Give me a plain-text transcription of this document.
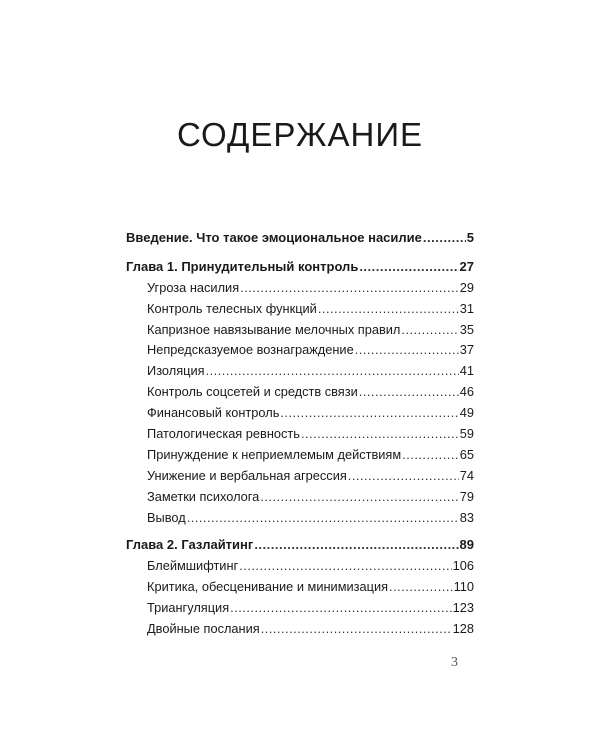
СОДЕРЖАНИЕ
Введение. Что такое эмоциональное насилие .....	5
Глава 1. Принудительный контроль .....	27
Угроза насилия .....	29
Контроль телесных функций .....	31
Капризное навязывание мелочных правил .....	35
Непредсказуемое вознаграждение .....	37
Изоляция .....	41
Контроль соцсетей и средств связи .....	46
Финансовый контроль .....	49
Патологическая ревность .....	59
Принуждение к неприемлемым действиям .....	65
Унижение и вербальная агрессия .....	74
Заметки психолога .....	79
Вывод .....	83
Глава 2. Газлайтинг .....	89
Блеймшифтинг .....	106
Критика, обесценивание и минимизация .....	110
Триангуляция .....	123
Двойные послания .....	128
3
